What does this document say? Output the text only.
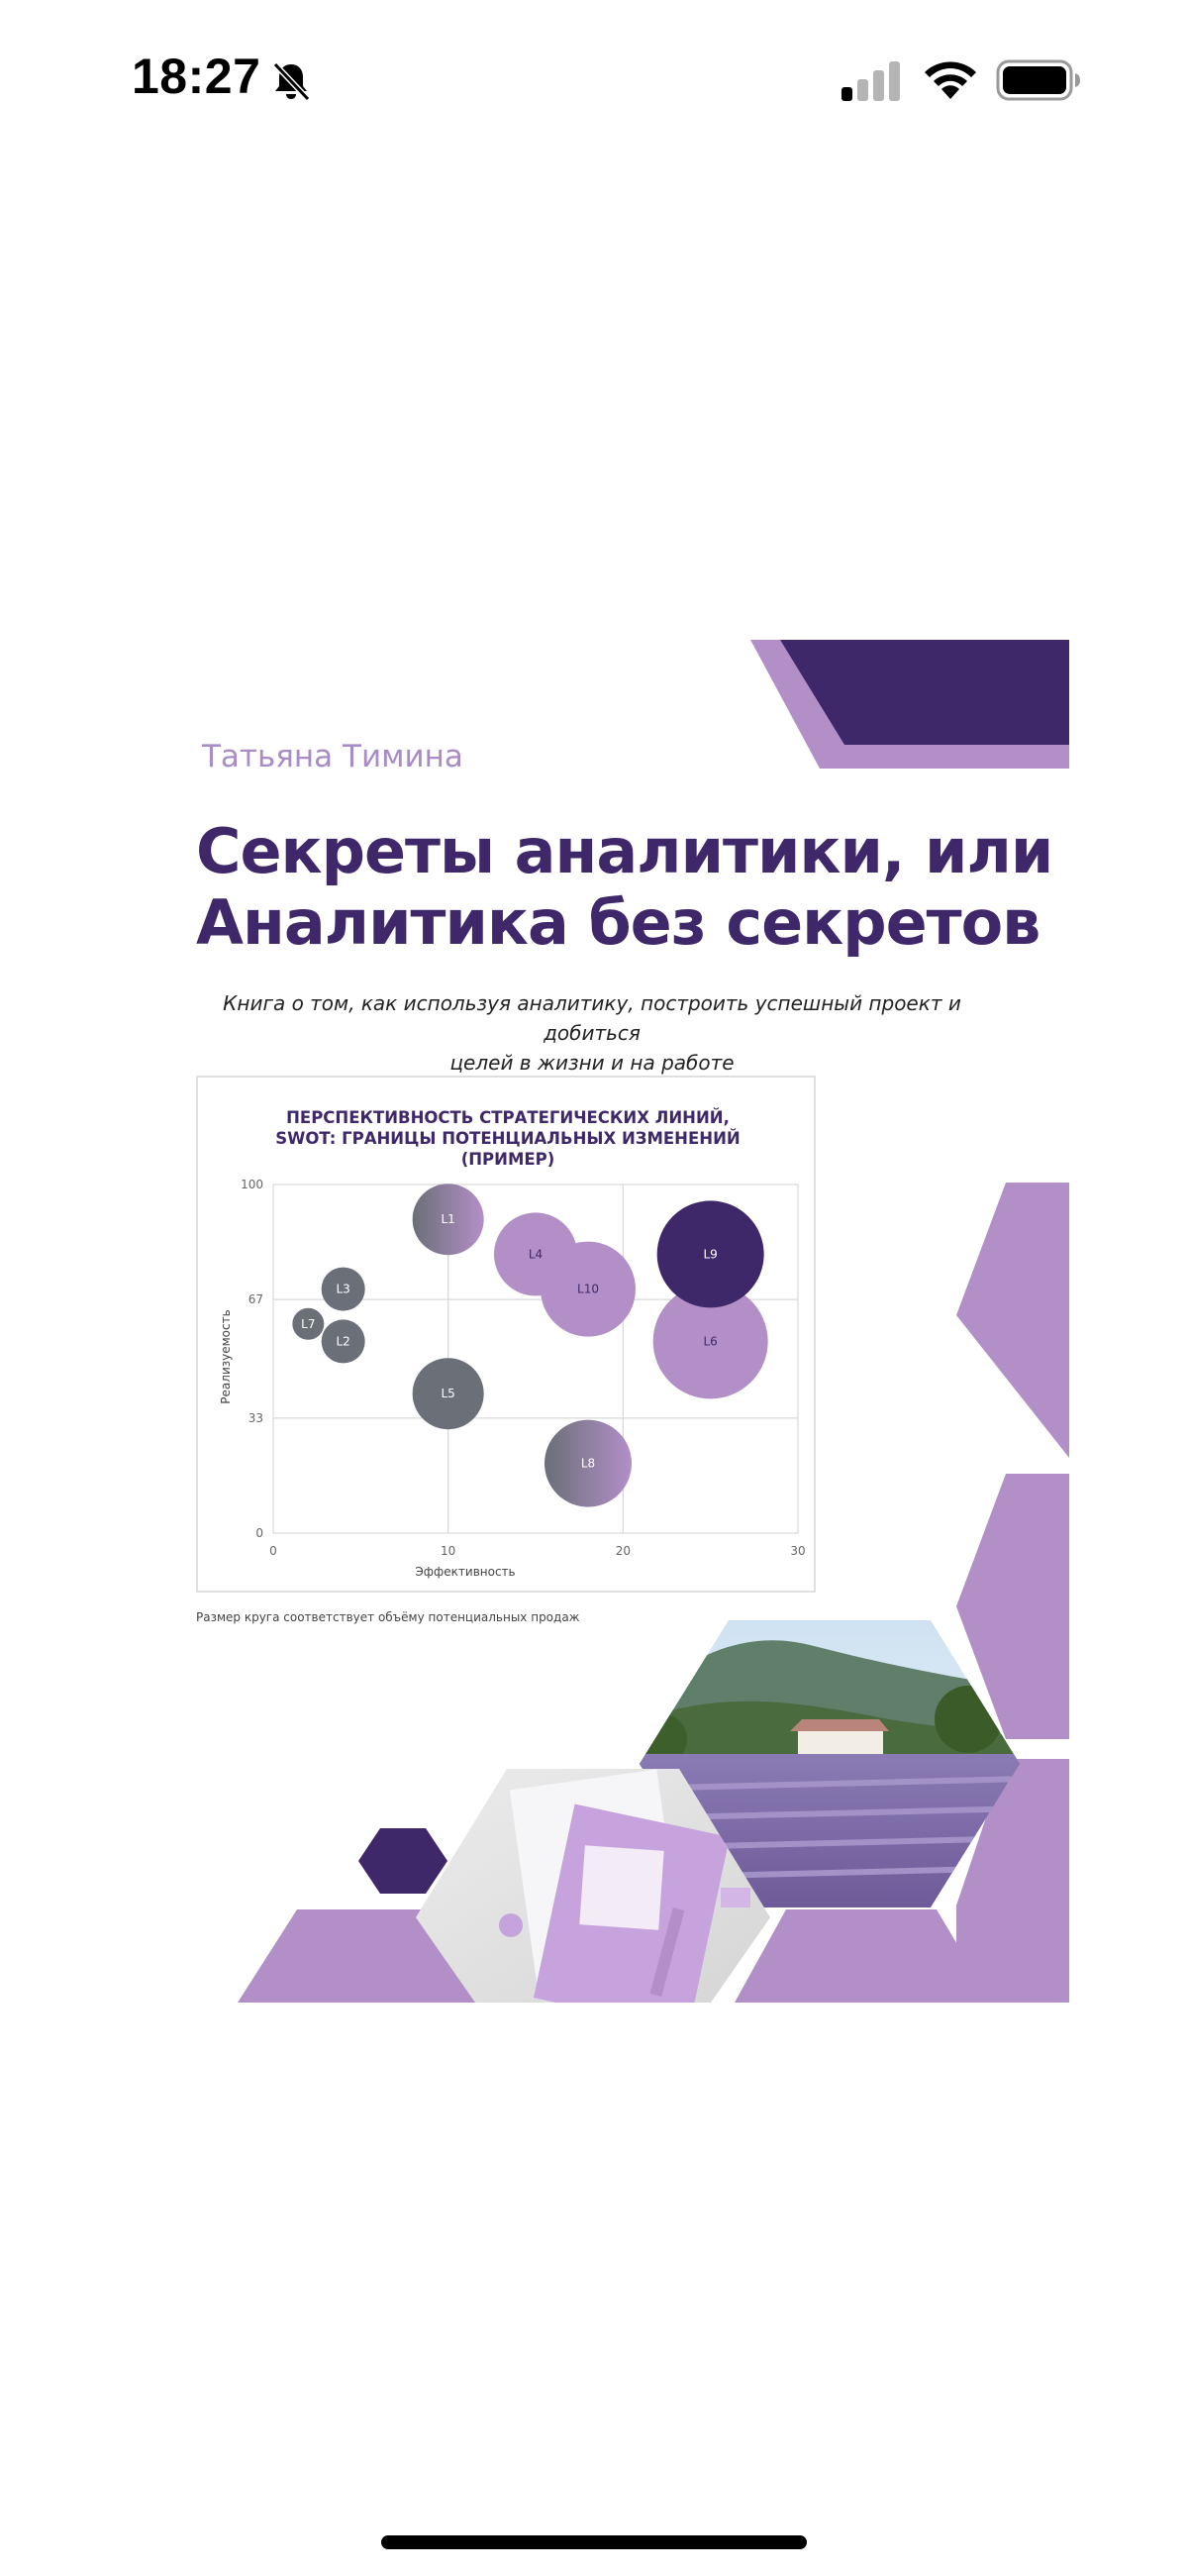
18:27
Татьяна Тимина
Секреты аналитики, или
Аналитика без секретов
Книга о том, как используя аналитику, построить успешный проект и добиться
целей в жизни и на работе
ПЕРСПЕКТИВНОСТЬ СТРАТЕГИЧЕСКИХ ЛИНИЙ,
SWOT: ГРАНИЦЫ ПОТЕНЦИАЛЬНЫХ ИЗМЕНЕНИЙ
(ПРИМЕР)
0	10	20	30
0
33
67
100
L1
L2
L3
L4
L5
L6
L7
L8
L9
L10
Эффективность
Реализуемость
Размер круга соответствует объёму потенциальных продаж
